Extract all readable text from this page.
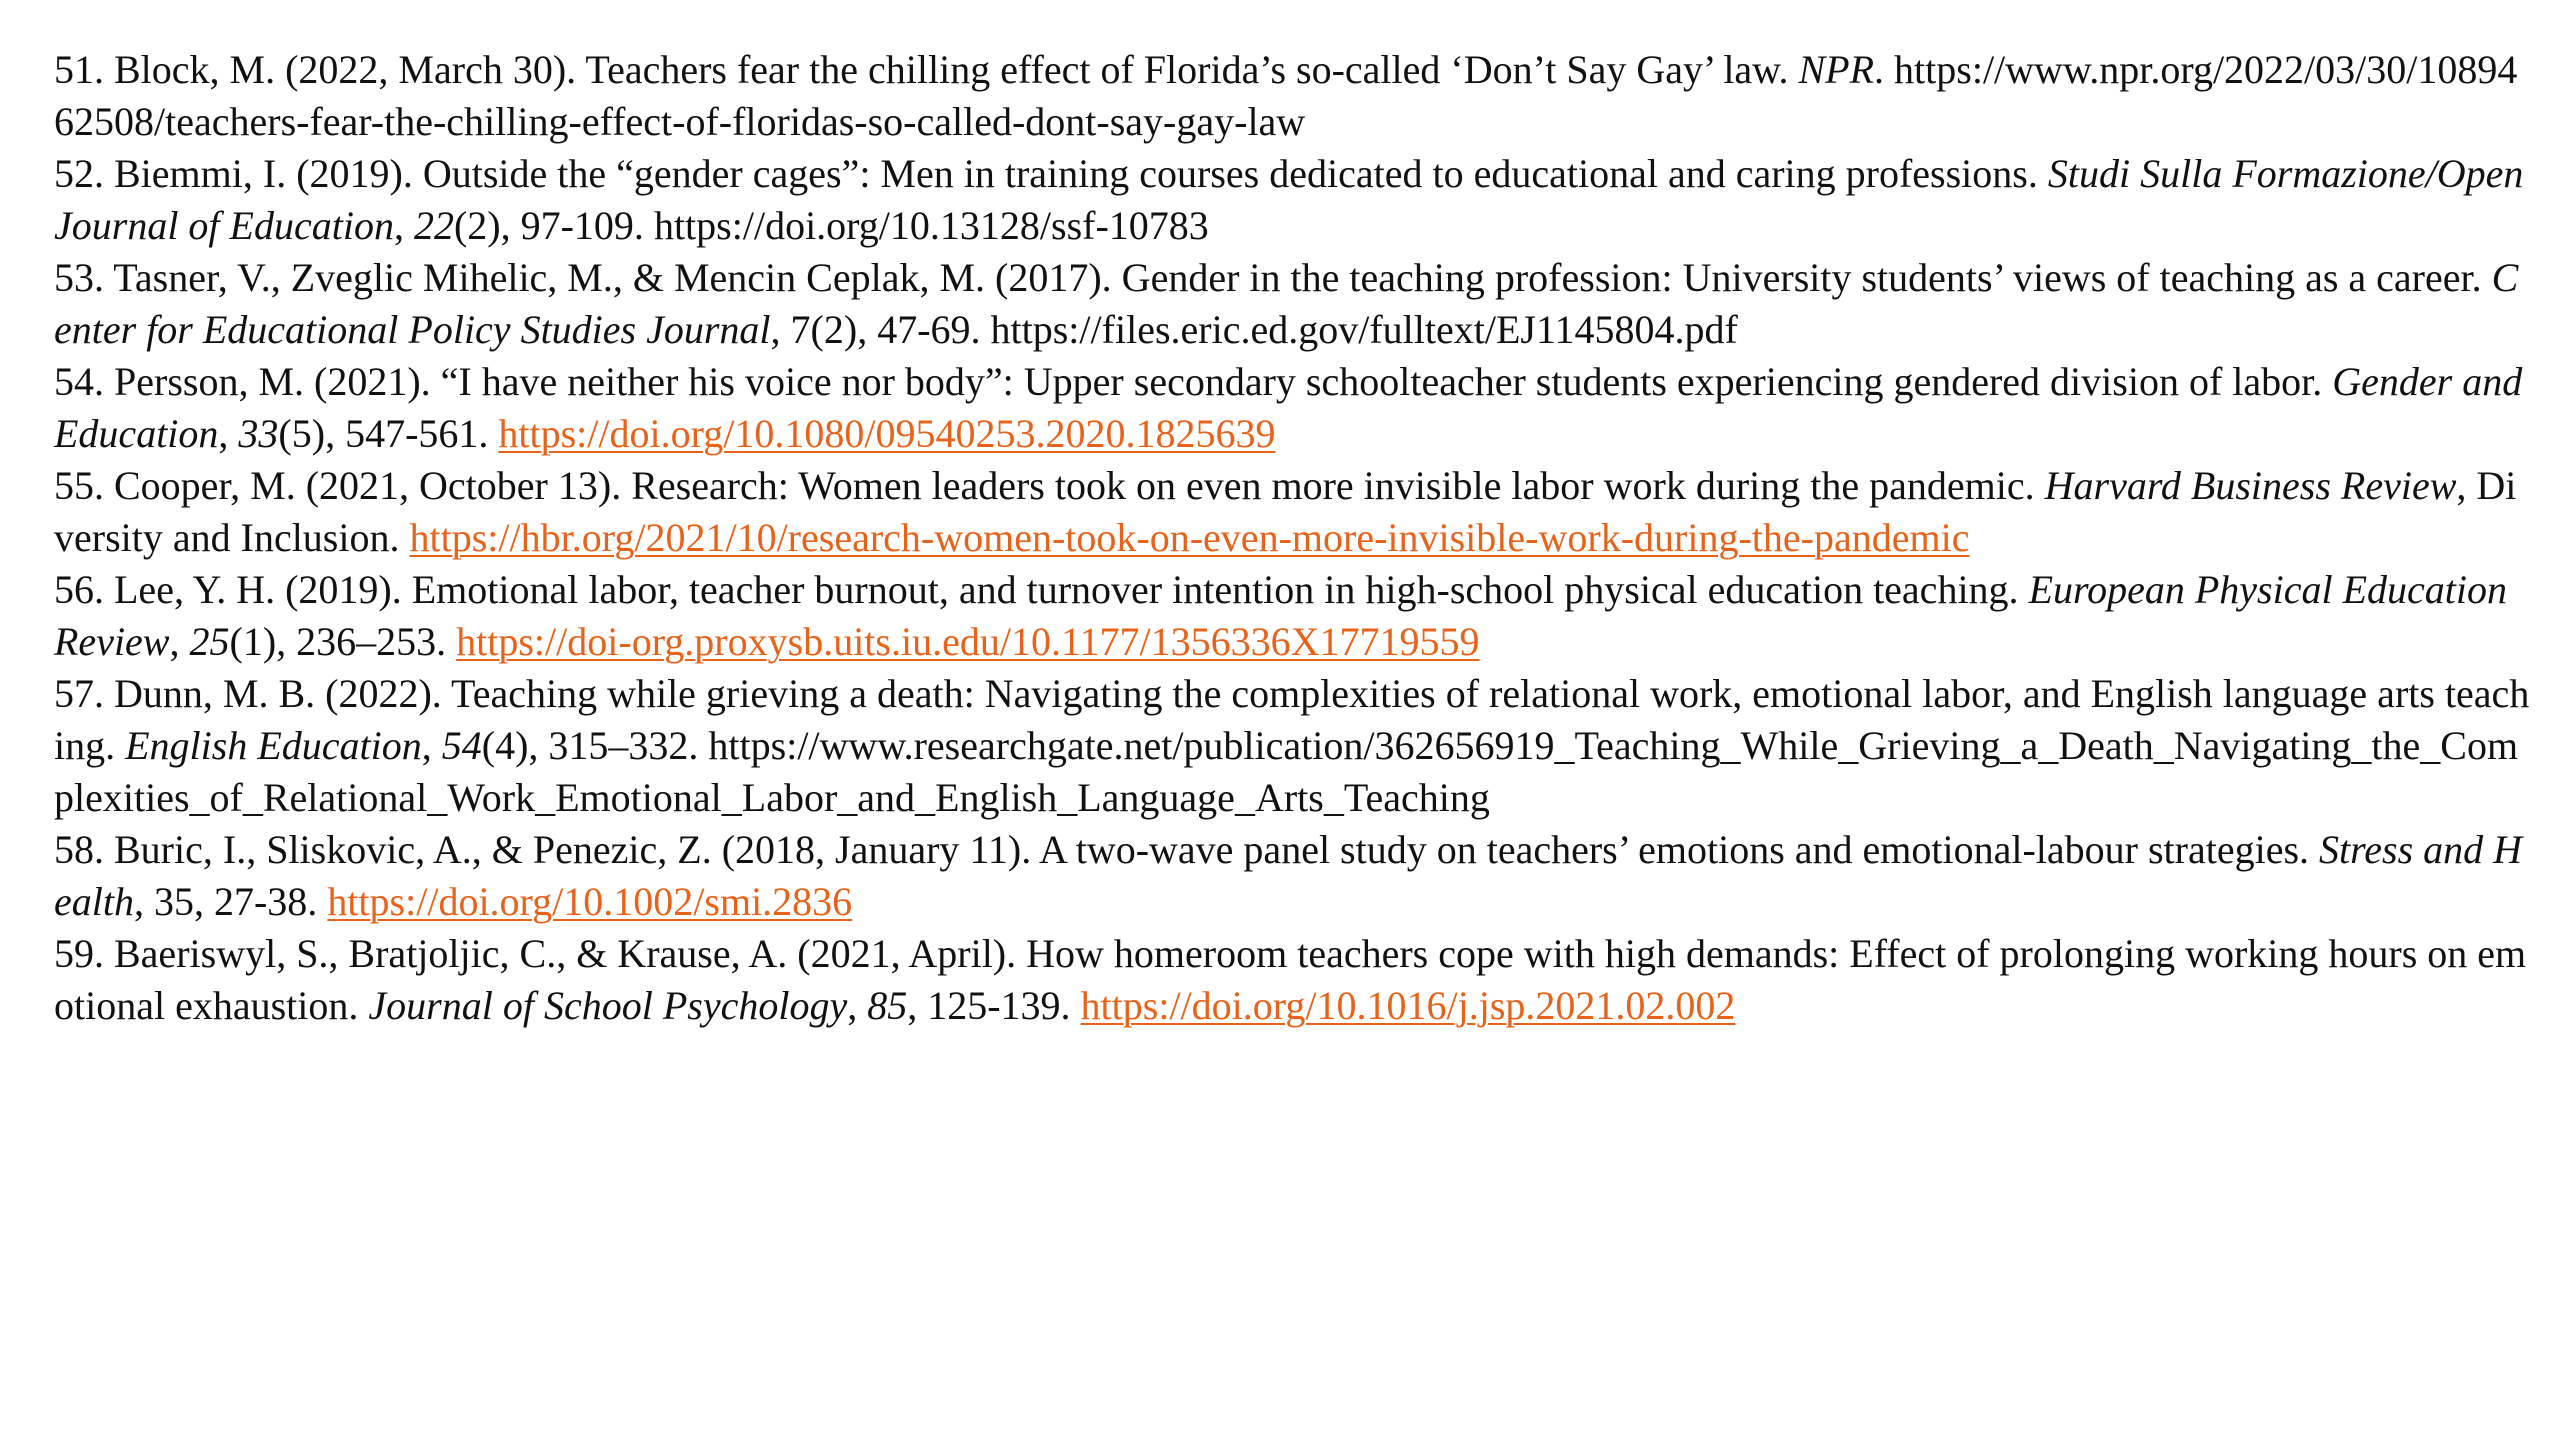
51. Block, M. (2022, March 30). Teachers fear the chilling effect of Florida’s so-called ‘Don’t Say Gay’ law. NPR. https://www.npr.org/2022/03/30/1089462508/teachers-fear-the-chilling-effect-of-floridas-so-called-dont-say-gay-law
52. Biemmi, I. (2019). Outside the “gender cages”: Men in training courses dedicated to educational and caring professions. Studi Sulla Formazione/Open Journal of Education, 22(2), 97-109. https://doi.org/10.13128/ssf-10783
53. Tasner, V., Zveglic Mihelic, M., & Mencin Ceplak, M. (2017). Gender in the teaching profession: University students’ views of teaching as a career. Center for Educational Policy Studies Journal, 7(2), 47-69. https://files.eric.ed.gov/fulltext/EJ1145804.pdf
54. Persson, M. (2021). “I have neither his voice nor body”: Upper secondary schoolteacher students experiencing gendered division of labor. Gender and Education, 33(5), 547-561. https://doi.org/10.1080/09540253.2020.1825639
55. Cooper, M. (2021, October 13). Research: Women leaders took on even more invisible labor work during the pandemic. Harvard Business Review, Diversity and Inclusion. https://hbr.org/2021/10/research-women-took-on-even-more-invisible-work-during-the-pandemic
56. Lee, Y. H. (2019). Emotional labor, teacher burnout, and turnover intention in high-school physical education teaching. European Physical Education Review, 25(1), 236–253. https://doi-org.proxysb.uits.iu.edu/10.1177/1356336X17719559
57. Dunn, M. B. (2022). Teaching while grieving a death: Navigating the complexities of relational work, emotional labor, and English language arts teaching. English Education, 54(4), 315–332. https://www.researchgate.net/publication/362656919_Teaching_While_Grieving_a_Death_Navigating_the_Complexities_of_Relational_Work_Emotional_Labor_and_English_Language_Arts_Teaching
58. Buric, I., Sliskovic, A., & Penezic, Z. (2018, January 11). A two-wave panel study on teachers’ emotions and emotional-labour strategies. Stress and Health, 35, 27-38. https://doi.org/10.1002/smi.2836
59. Baeriswyl, S., Bratjoljic, C., & Krause, A. (2021, April). How homeroom teachers cope with high demands: Effect of prolonging working hours on emotional exhaustion. Journal of School Psychology, 85, 125-139. https://doi.org/10.1016/j.jsp.2021.02.002
